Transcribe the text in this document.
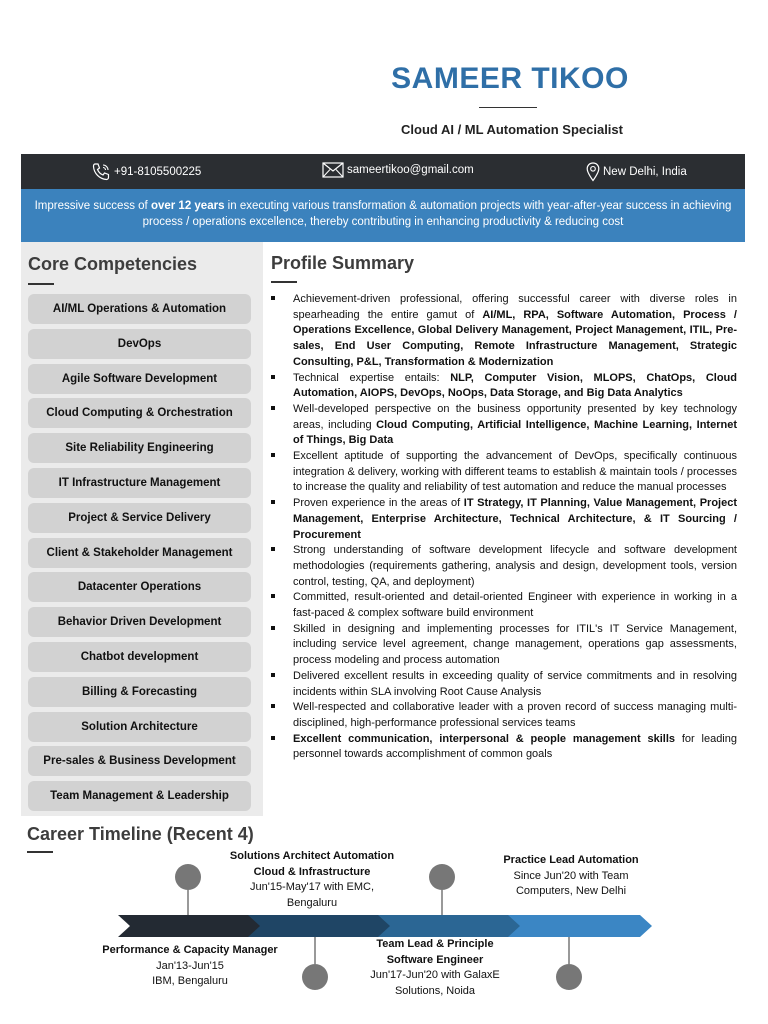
SAMEER TIKOO
Cloud AI / ML Automation Specialist
+91-8105500225	sameertikoo@gmail.com	New Delhi, India
Impressive success of over 12 years in executing various transformation & automation projects with year-after-year success in achieving process / operations excellence, thereby contributing in enhancing productivity & reducing cost
Core Competencies
AI/ML Operations & Automation
DevOps
Agile Software Development
Cloud Computing & Orchestration
Site Reliability Engineering
IT Infrastructure Management
Project & Service Delivery
Client & Stakeholder Management
Datacenter Operations
Behavior Driven Development
Chatbot development
Billing & Forecasting
Solution Architecture
Pre-sales & Business Development
Team Management & Leadership
Profile Summary
Achievement-driven professional, offering successful career with diverse roles in spearheading the entire gamut of AI/ML, RPA, Software Automation, Process / Operations Excellence, Global Delivery Management, Project Management, ITIL, Pre-sales, End User Computing, Remote Infrastructure Management, Strategic Consulting, P&L, Transformation & Modernization
Technical expertise entails: NLP, Computer Vision, MLOPS, ChatOps, Cloud Automation, AIOPS, DevOps, NoOps, Data Storage, and Big Data Analytics
Well-developed perspective on the business opportunity presented by key technology areas, including Cloud Computing, Artificial Intelligence, Machine Learning, Internet of Things, Big Data
Excellent aptitude of supporting the advancement of DevOps, specifically continuous integration & delivery, working with different teams to establish & maintain tools / processes to increase the quality and reliability of test automation and reduce the manual processes
Proven experience in the areas of IT Strategy, IT Planning, Value Management, Project Management, Enterprise Architecture, Technical Architecture, & IT Sourcing / Procurement
Strong understanding of software development lifecycle and software development methodologies (requirements gathering, analysis and design, development tools, version control, testing, QA, and deployment)
Committed, result-oriented and detail-oriented Engineer with experience in working in a fast-paced & complex software build environment
Skilled in designing and implementing processes for ITIL's IT Service Management, including service level agreement, change management, operations gap assessments, process modeling and process automation
Delivered excellent results in exceeding quality of service commitments and in resolving incidents within SLA involving Root Cause Analysis
Well-respected and collaborative leader with a proven record of success managing multi-disciplined, high-performance professional services teams
Excellent communication, interpersonal & people management skills for leading personnel towards accomplishment of common goals
Career Timeline (Recent 4)
Performance & Capacity Manager
Jan'13-Jun'15
IBM, Bengaluru
Solutions Architect Automation Cloud & Infrastructure
Jun'15-May'17 with EMC,
Bengaluru
Team Lead & Principle Software Engineer
Jun'17-Jun'20 with GalaxE
Solutions, Noida
Practice Lead Automation
Since Jun'20 with Team
Computers, New Delhi
